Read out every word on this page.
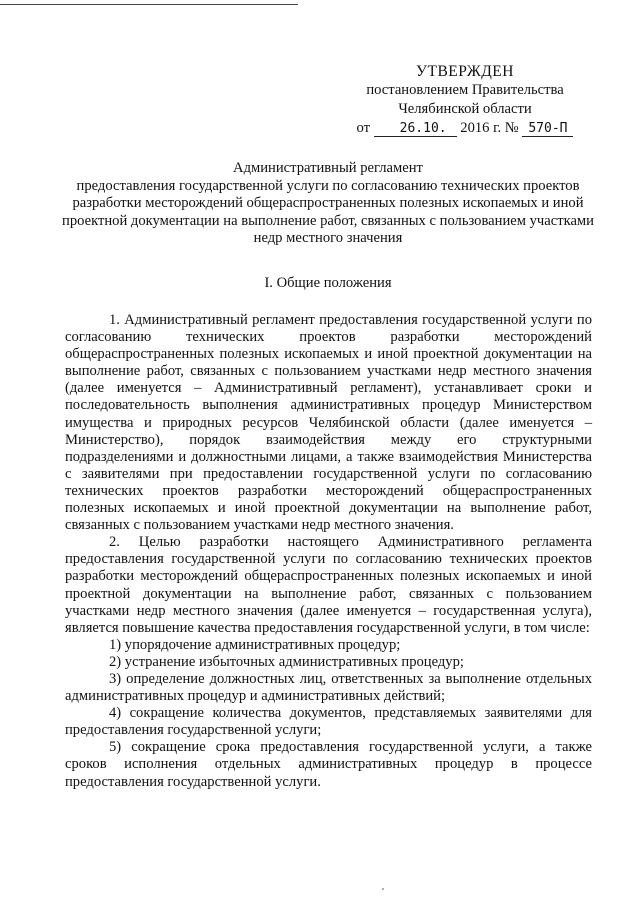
УТВЕРЖДЕН
постановлением Правительства
Челябинской области
от 26.10. 2016 г. № 570-П
Административный регламент
предоставления государственной услуги по согласованию технических проектов разработки месторождений общераспространенных полезных ископаемых и иной проектной документации на выполнение работ, связанных с пользованием участками недр местного значения
I. Общие положения

1. Административный регламент предоставления государственной услуги по согласованию технических проектов разработки месторождений общераспространенных полезных ископаемых и иной проектной документации на выполнение работ, связанных с пользованием участками недр местного значения (далее именуется – Административный регламент), устанавливает сроки и последовательность выполнения административных процедур Министерством имущества и природных ресурсов Челябинской области (далее именуется – Министерство), порядок взаимодействия между его структурными подразделениями и должностными лицами, а также взаимодействия Министерства с заявителями при предоставлении государственной услуги по согласованию технических проектов разработки месторождений общераспространенных полезных ископаемых и иной проектной документации на выполнение работ, связанных с пользованием участками недр местного значения.

2. Целью разработки настоящего Административного регламента предоставления государственной услуги по согласованию технических проектов разработки месторождений общераспространенных полезных ископаемых и иной проектной документации на выполнение работ, связанных с пользованием участками недр местного значения (далее именуется – государственная услуга), является повышение качества предоставления государственной услуги, в том числе:

1) упорядочение административных процедур;

2) устранение избыточных административных процедур;

3) определение должностных лиц, ответственных за выполнение отдельных административных процедур и административных действий;

4) сокращение количества документов, представляемых заявителями для предоставления государственной услуги;

5) сокращение срока предоставления государственной услуги, а также сроков исполнения отдельных административных процедур в процессе предоставления государственной услуги.
